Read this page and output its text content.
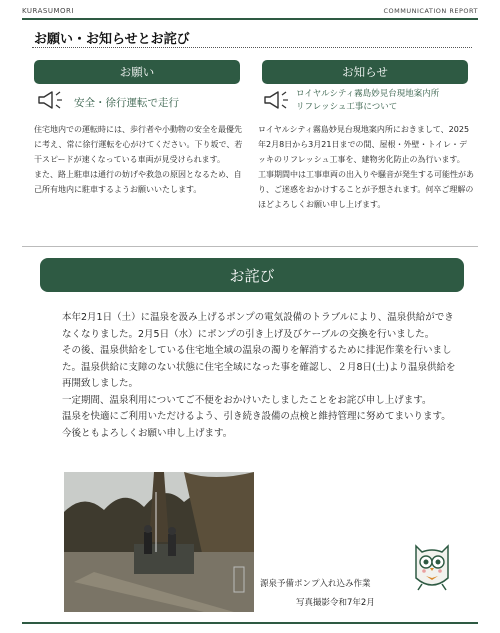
KURASUMORI	COMMUNICATION REPORT
お願い・お知らせとお詫び
お願い	お知らせ
安全・徐行運転で走行
ロイヤルシティ霧島妙見台現地案内所
リフレッシュ工事について
住宅地内での運転時には、歩行者や小動物の安全を最優先に考え、常に徐行運転を心がけてください。下り坂で、若干スピードが速くなっている車両が見受けられます。
また、路上駐車は通行の妨げや救急の原因となるため、自己所有地内に駐車するようお願いいたします。
ロイヤルシティ霧島妙見台現地案内所におきまして、2025年2月8日から3月21日までの間、屋根・外壁・トイレ・デッキのリフレッシュ工事を、建物劣化防止の為行います。
工事期間中は工事車両の出入りや騒音が発生する可能性があり、ご迷惑をおかけすることが予想されます。何卒ご理解のほどよろしくお願い申し上げます。
お詫び
本年2月1日（土）に温泉を汲み上げるポンプの電気設備のトラブルにより、温泉供給ができなくなりました。2月5日（水）にポンプの引き上げ及びケーブルの交換を行いました。
その後、温泉供給をしている住宅地全域の温泉の濁りを解消するために排泥作業を行いました。温泉供給に支障のない状態に住宅全域になった事を確認し、２月8日(土)より温泉供給を再開致しました。
一定期間、温泉利用についてご不便をおかけいたしましたことをお詫び申し上げます。
温泉を快適にご利用いただけるよう、引き続き設備の点検と維持管理に努めてまいります。今後ともよろしくお願い申し上げます。
源泉予備ポンプ入れ込み作業
写真撮影令和7年2月
